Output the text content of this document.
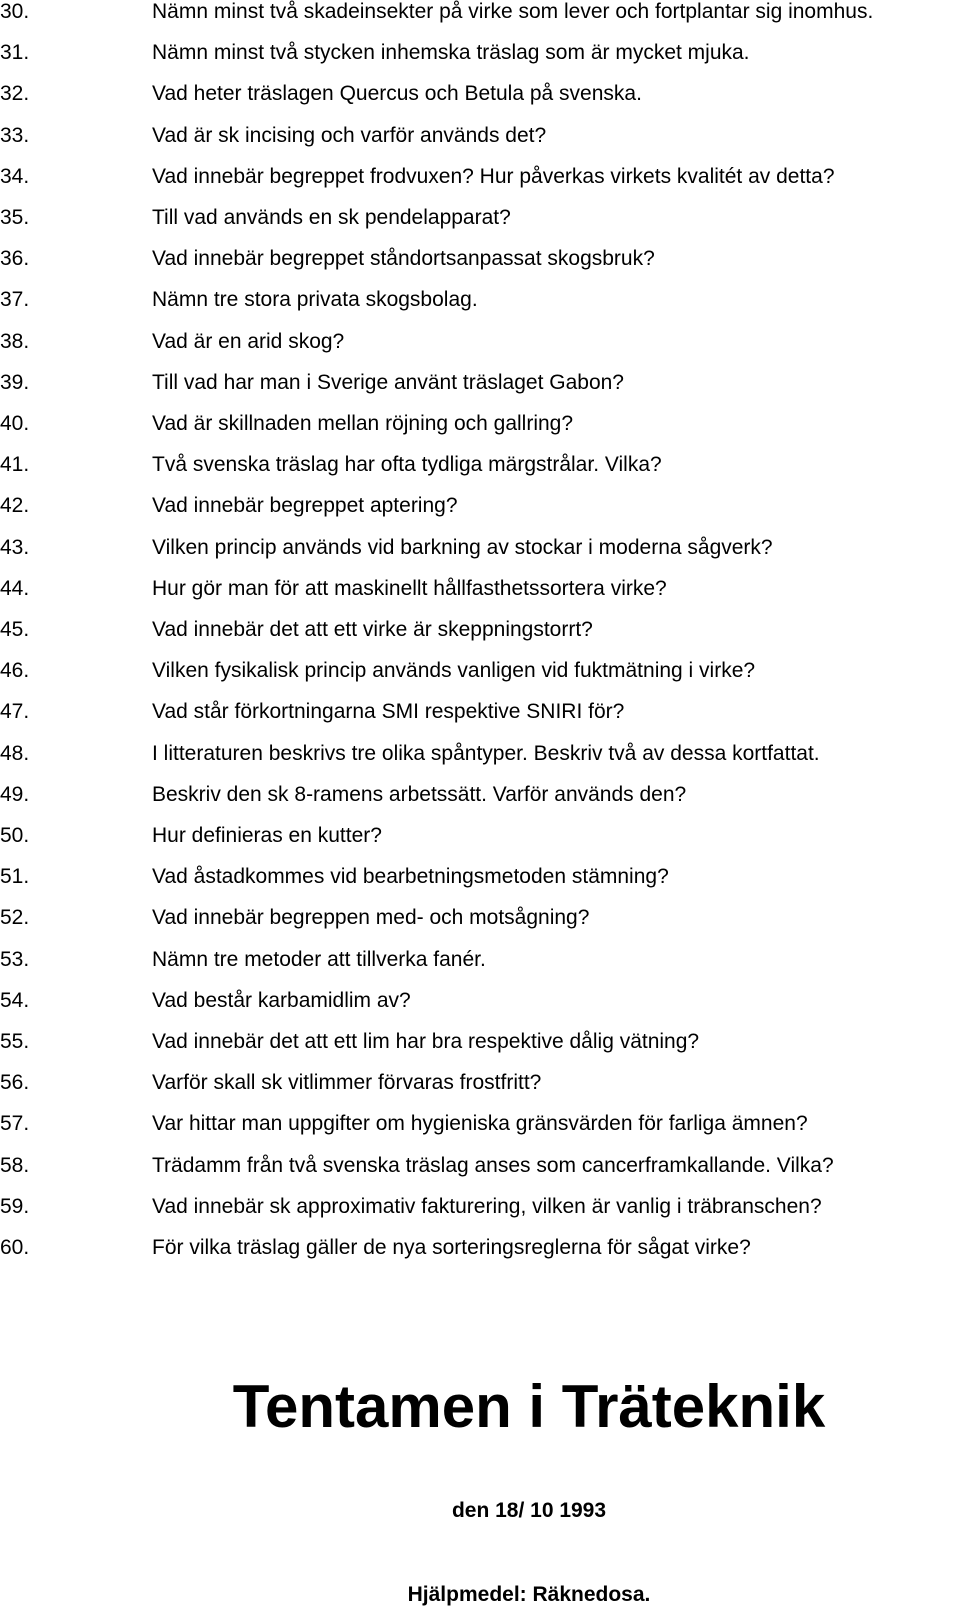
30.	Nämn minst två skadeinsekter på virke som lever och fortplantar sig inomhus.
31.	Nämn minst två stycken inhemska träslag som är mycket mjuka.
32.	Vad heter träslagen Quercus och Betula på svenska.
33.	Vad är sk incising och varför används det?
34.	Vad innebär begreppet frodvuxen? Hur påverkas virkets kvalitét av detta?
35.	Till vad används en sk pendelapparat?
36.	Vad innebär begreppet ståndortsanpassat skogsbruk?
37.	Nämn tre stora privata skogsbolag.
38.	Vad är en arid skog?
39.	Till vad har man i Sverige använt träslaget Gabon?
40.	Vad är skillnaden mellan röjning och gallring?
41.	Två svenska träslag har ofta tydliga märgstrålar. Vilka?
42.	Vad innebär begreppet aptering?
43.	Vilken princip används vid barkning av stockar i moderna sågverk?
44.	Hur gör man för att maskinellt hållfasthetssortera virke?
45.	Vad innebär det att ett virke är skeppningstorrt?
46.	Vilken fysikalisk princip används vanligen vid fuktmätning i virke?
47.	Vad står förkortningarna SMI respektive SNIRI för?
48.	I litteraturen beskrivs tre olika spåntyper. Beskriv två av dessa kortfattat.
49.	Beskriv den sk 8-ramens arbetssätt. Varför används den?
50.	Hur definieras en kutter?
51.	Vad åstadkommes vid bearbetningsmetoden stämning?
52.	Vad innebär begreppen med- och motsågning?
53.	Nämn tre metoder att tillverka fanér.
54.	Vad består karbamidlim av?
55.	Vad innebär det att ett lim har bra respektive dålig vätning?
56.	Varför skall sk vitlimmer förvaras frostfritt?
57.	Var hittar man uppgifter om hygieniska gränsvärden för farliga ämnen?
58.	Trädamm från två svenska träslag anses som cancerframkallande. Vilka?
59.	Vad innebär sk approximativ fakturering, vilken är vanlig i träbranschen?
60.	För vilka träslag gäller de nya sorteringsreglerna för sågat virke?
Tentamen i Träteknik

den 18/ 10 1993

Hjälpmedel: Räknedosa.
